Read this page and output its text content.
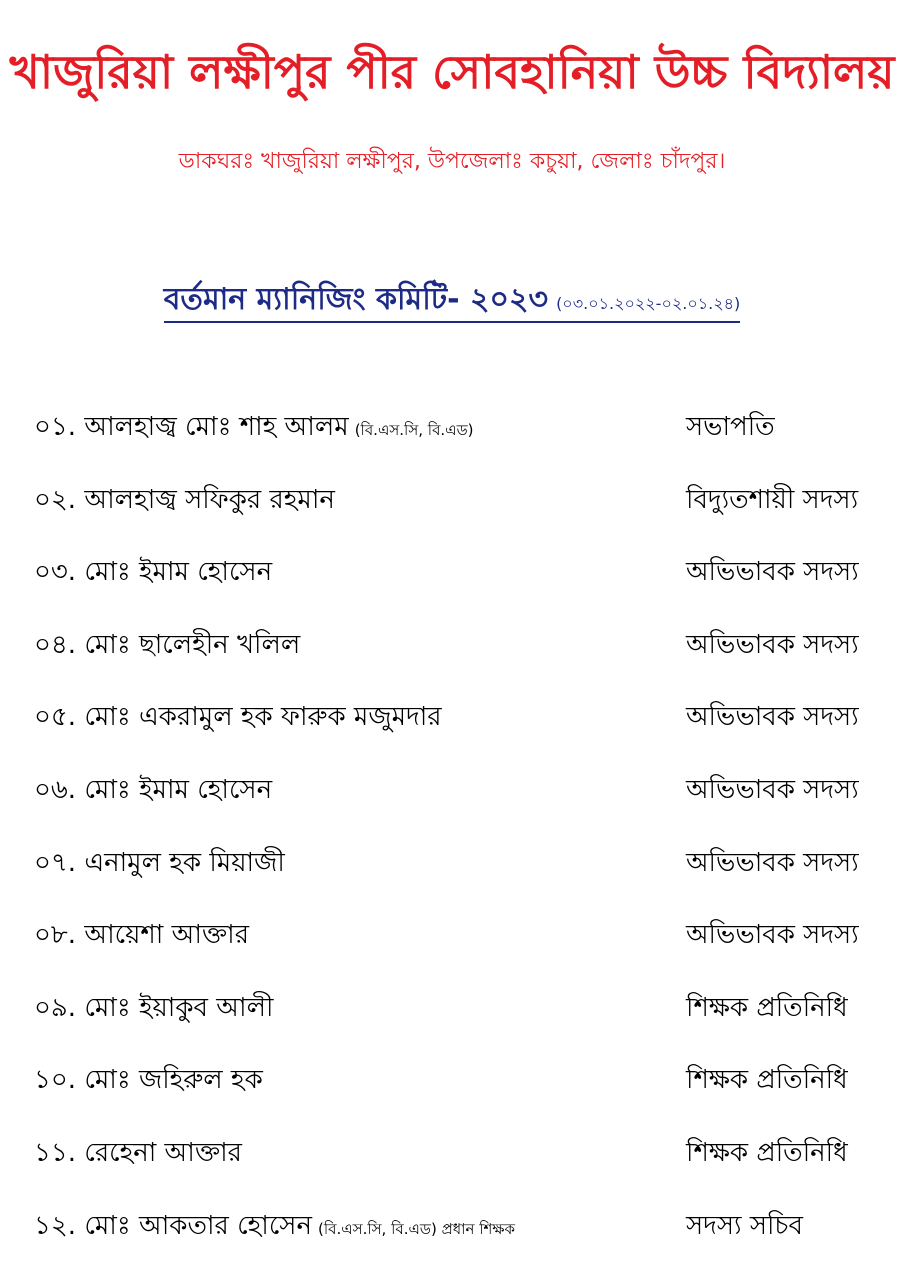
খাজুরিয়া লক্ষীপুর পীর সোবহানিয়া উচ্চ বিদ্যালয়
ডাকঘরঃ খাজুরিয়া লক্ষীপুর, উপজেলাঃ কচুয়া, জেলাঃ চাঁদপুর।
বর্তমান ম্যানিজিং কমিটি- ২০২৩ (০৩.০১.২০২২-০২.০১.২৪)
০১. আলহাজ্ব মোঃ শাহ আলম (বি.এস.সি, বি.এড)	সভাপতি
০২. আলহাজ্ব সফিকুর রহমান	বিদ্যুতশায়ী সদস্য
০৩. মোঃ ইমাম হোসেন	অভিভাবক সদস্য
০৪. মোঃ ছালেহীন খলিল	অভিভাবক সদস্য
০৫. মোঃ একরামুল হক ফারুক মজুমদার	অভিভাবক সদস্য
০৬. মোঃ ইমাম হোসেন	অভিভাবক সদস্য
০৭. এনামুল হক মিয়াজী	অভিভাবক সদস্য
০৮. আয়েশা আক্তার	অভিভাবক সদস্য
০৯. মোঃ ইয়াকুব আলী	শিক্ষক প্রতিনিধি
১০. মোঃ জহিরুল হক	শিক্ষক প্রতিনিধি
১১. রেহেনা আক্তার	শিক্ষক প্রতিনিধি
১২. মোঃ আকতার হোসেন (বি.এস.সি, বি.এড) প্রধান শিক্ষক	সদস্য সচিব
